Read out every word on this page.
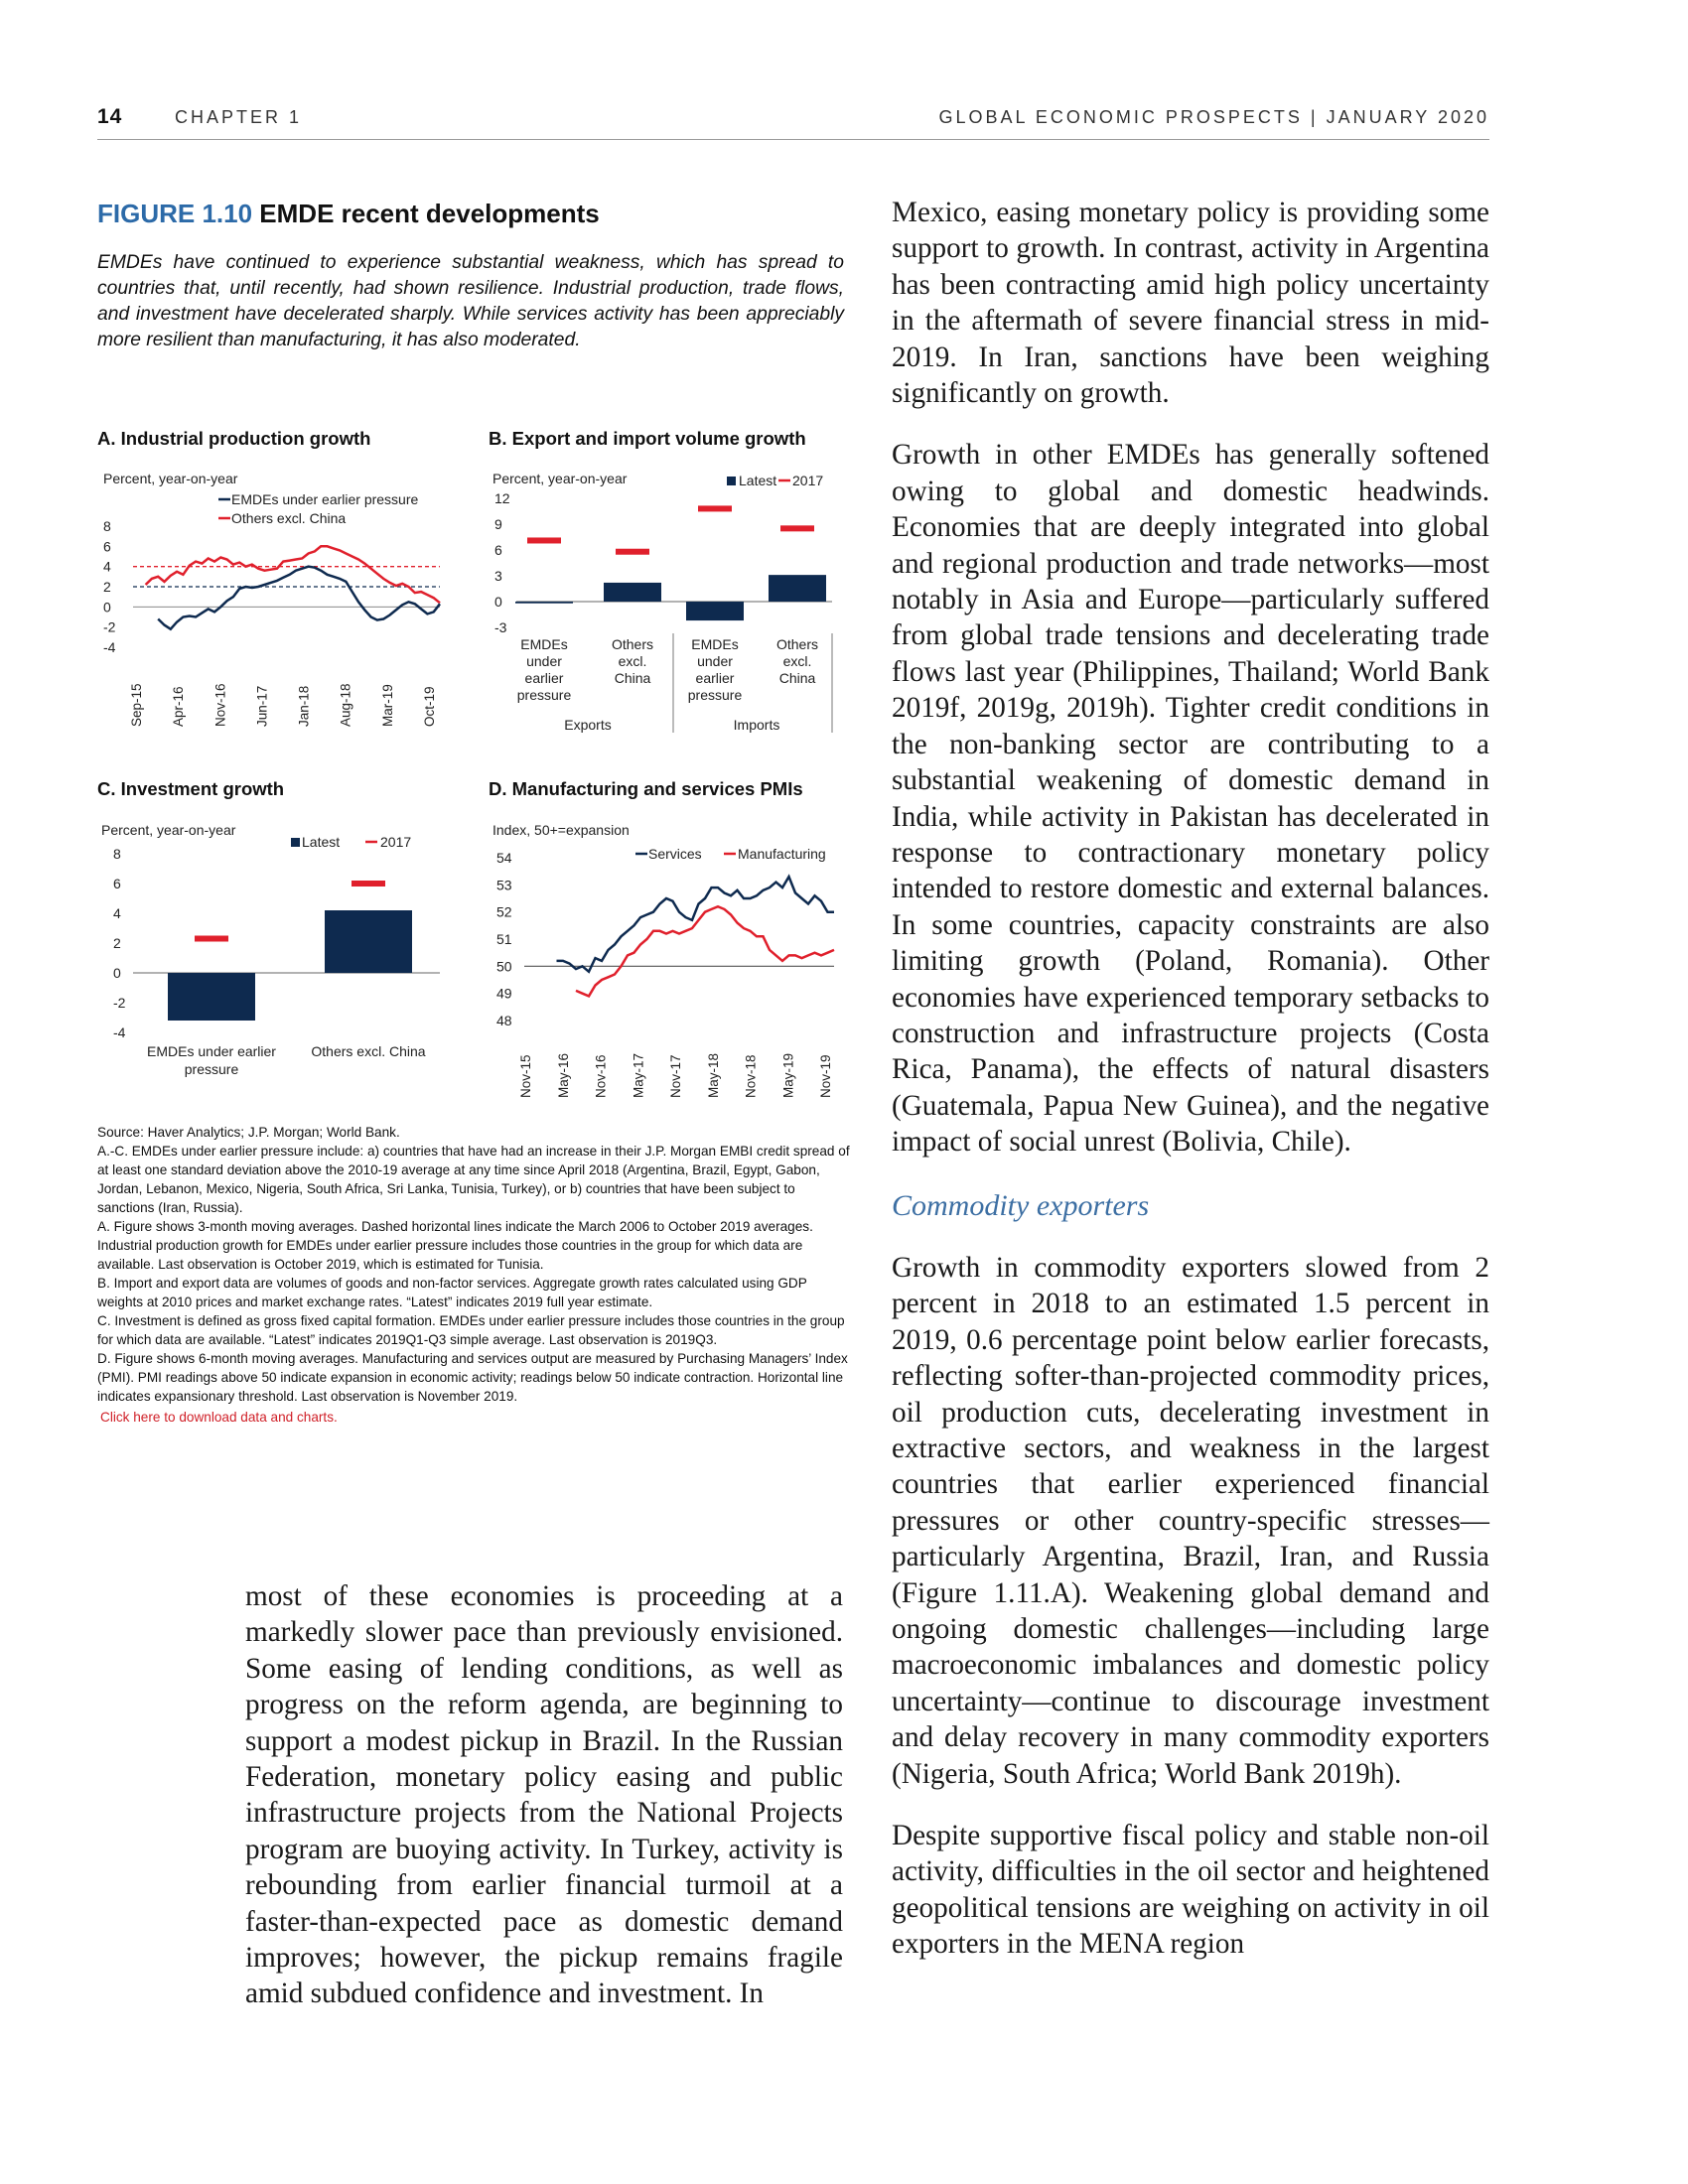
14	CHAPTER 1	GLOBAL ECONOMIC PROSPECTS | JANUARY 2020
FIGURE 1.10 EMDE recent developments
EMDEs have continued to experience substantial weakness, which has spread to countries that, until recently, had shown resilience. Industrial production, trade flows, and investment have decelerated sharply. While services activity has been appreciably more resilient than manufacturing, it has also moderated.
A. Industrial production growth
Percent, year-on-year
EMDEs under earlier pressure
Others excl. China
-4
-2
0
2
4
6
8
Sep-15 Apr-16 Nov-16 Jun-17 Jan-18 Aug-18 Mar-19 Oct-19
B. Export and import volume growth
Percent, year-on-year	Latest 2017
-3
0
3
6
9
12
EMDEs
under
earlier
pressure
Others
excl.
China
EMDEs
under
earlier
pressure
Others
excl.
China
Exports	Imports
C. Investment growth
Percent, year-on-year
Latest	2017
-4
-2
0
2
4
6
8
EMDEs under earlier
pressure
Others excl. China
D. Manufacturing and services PMIs
Index, 50+=expansion
Services	Manufacturing
48
49
50
51
52
53
54
Nov-15 May-16 Nov-16 May-17 Nov-17 May-18 Nov-18 May-19 Nov-19

Source: Haver Analytics; J.P. Morgan; World Bank.

A.-C. EMDEs under earlier pressure include: a) countries that have had an increase in their J.P. Morgan EMBI credit spread of at least one standard deviation above the 2010-19 average at any time since April 2018 (Argentina, Brazil, Egypt, Gabon, Jordan, Lebanon, Mexico, Nigeria, South Africa, Sri Lanka, Tunisia, Turkey), or b) countries that have been subject to sanctions (Iran, Russia).

A. Figure shows 3-month moving averages. Dashed horizontal lines indicate the March 2006 to October 2019 averages. Industrial production growth for EMDEs under earlier pressure includes those countries in the group for which data are available. Last observation is October 2019, which is estimated for Tunisia.

B. Import and export data are volumes of goods and non-factor services. Aggregate growth rates calculated using GDP weights at 2010 prices and market exchange rates. “Latest” indicates 2019 full year estimate.

C. Investment is defined as gross fixed capital formation. EMDEs under earlier pressure includes those countries in the group for which data are available. “Latest” indicates 2019Q1-Q3 simple average. Last observation is 2019Q3.

D. Figure shows 6-month moving averages. Manufacturing and services output are measured by Purchasing Managers’ Index (PMI). PMI readings above 50 indicate expansion in economic activity; readings below 50 indicate contraction. Horizontal line indicates expansionary threshold. Last observation is November 2019.

Click here to download data and charts.

most of these economies is proceeding at a markedly slower pace than previously envisioned. Some easing of lending conditions, as well as progress on the reform agenda, are beginning to support a modest pickup in Brazil. In the Russian Federation, monetary policy easing and public infrastructure projects from the National Projects program are buoying activity. In Turkey, activity is rebounding from earlier financial turmoil at a faster-than-expected pace as domestic demand improves; however, the pickup remains fragile amid subdued confidence and investment. In

Mexico, easing monetary policy is providing some support to growth. In contrast, activity in Argentina has been contracting amid high policy uncertainty in the aftermath of severe financial stress in mid-2019. In Iran, sanctions have been weighing significantly on growth.

Growth in other EMDEs has generally softened owing to global and domestic headwinds. Economies that are deeply integrated into global and regional production and trade networks—most notably in Asia and Europe—particularly suffered from global trade tensions and decelerating trade flows last year (Philippines, Thailand; World Bank 2019f, 2019g, 2019h). Tighter credit conditions in the non-banking sector are contributing to a substantial weakening of domestic demand in India, while activity in Pakistan has decelerated in response to contractionary monetary policy intended to restore domestic and external balances. In some countries, capacity constraints are also limiting growth (Poland, Romania). Other economies have experienced temporary setbacks to construction and infrastructure projects (Costa Rica, Panama), the effects of natural disasters (Guatemala, Papua New Guinea), and the negative impact of social unrest (Bolivia, Chile).

Commodity exporters

Growth in commodity exporters slowed from 2 percent in 2018 to an estimated 1.5 percent in 2019, 0.6 percentage point below earlier forecasts, reflecting softer-than-projected commodity prices, oil production cuts, decelerating investment in extractive sectors, and weakness in the largest countries that earlier experienced financial pressures or other country-specific stresses—particularly Argentina, Brazil, Iran, and Russia (Figure 1.11.A). Weakening global demand and ongoing domestic challenges—including large macroeconomic imbalances and domestic policy uncertainty—continue to discourage investment and delay recovery in many commodity exporters (Nigeria, South Africa; World Bank 2019h).

Despite supportive fiscal policy and stable non-oil activity, difficulties in the oil sector and heightened geopolitical tensions are weighing on activity in oil exporters in the MENA region
